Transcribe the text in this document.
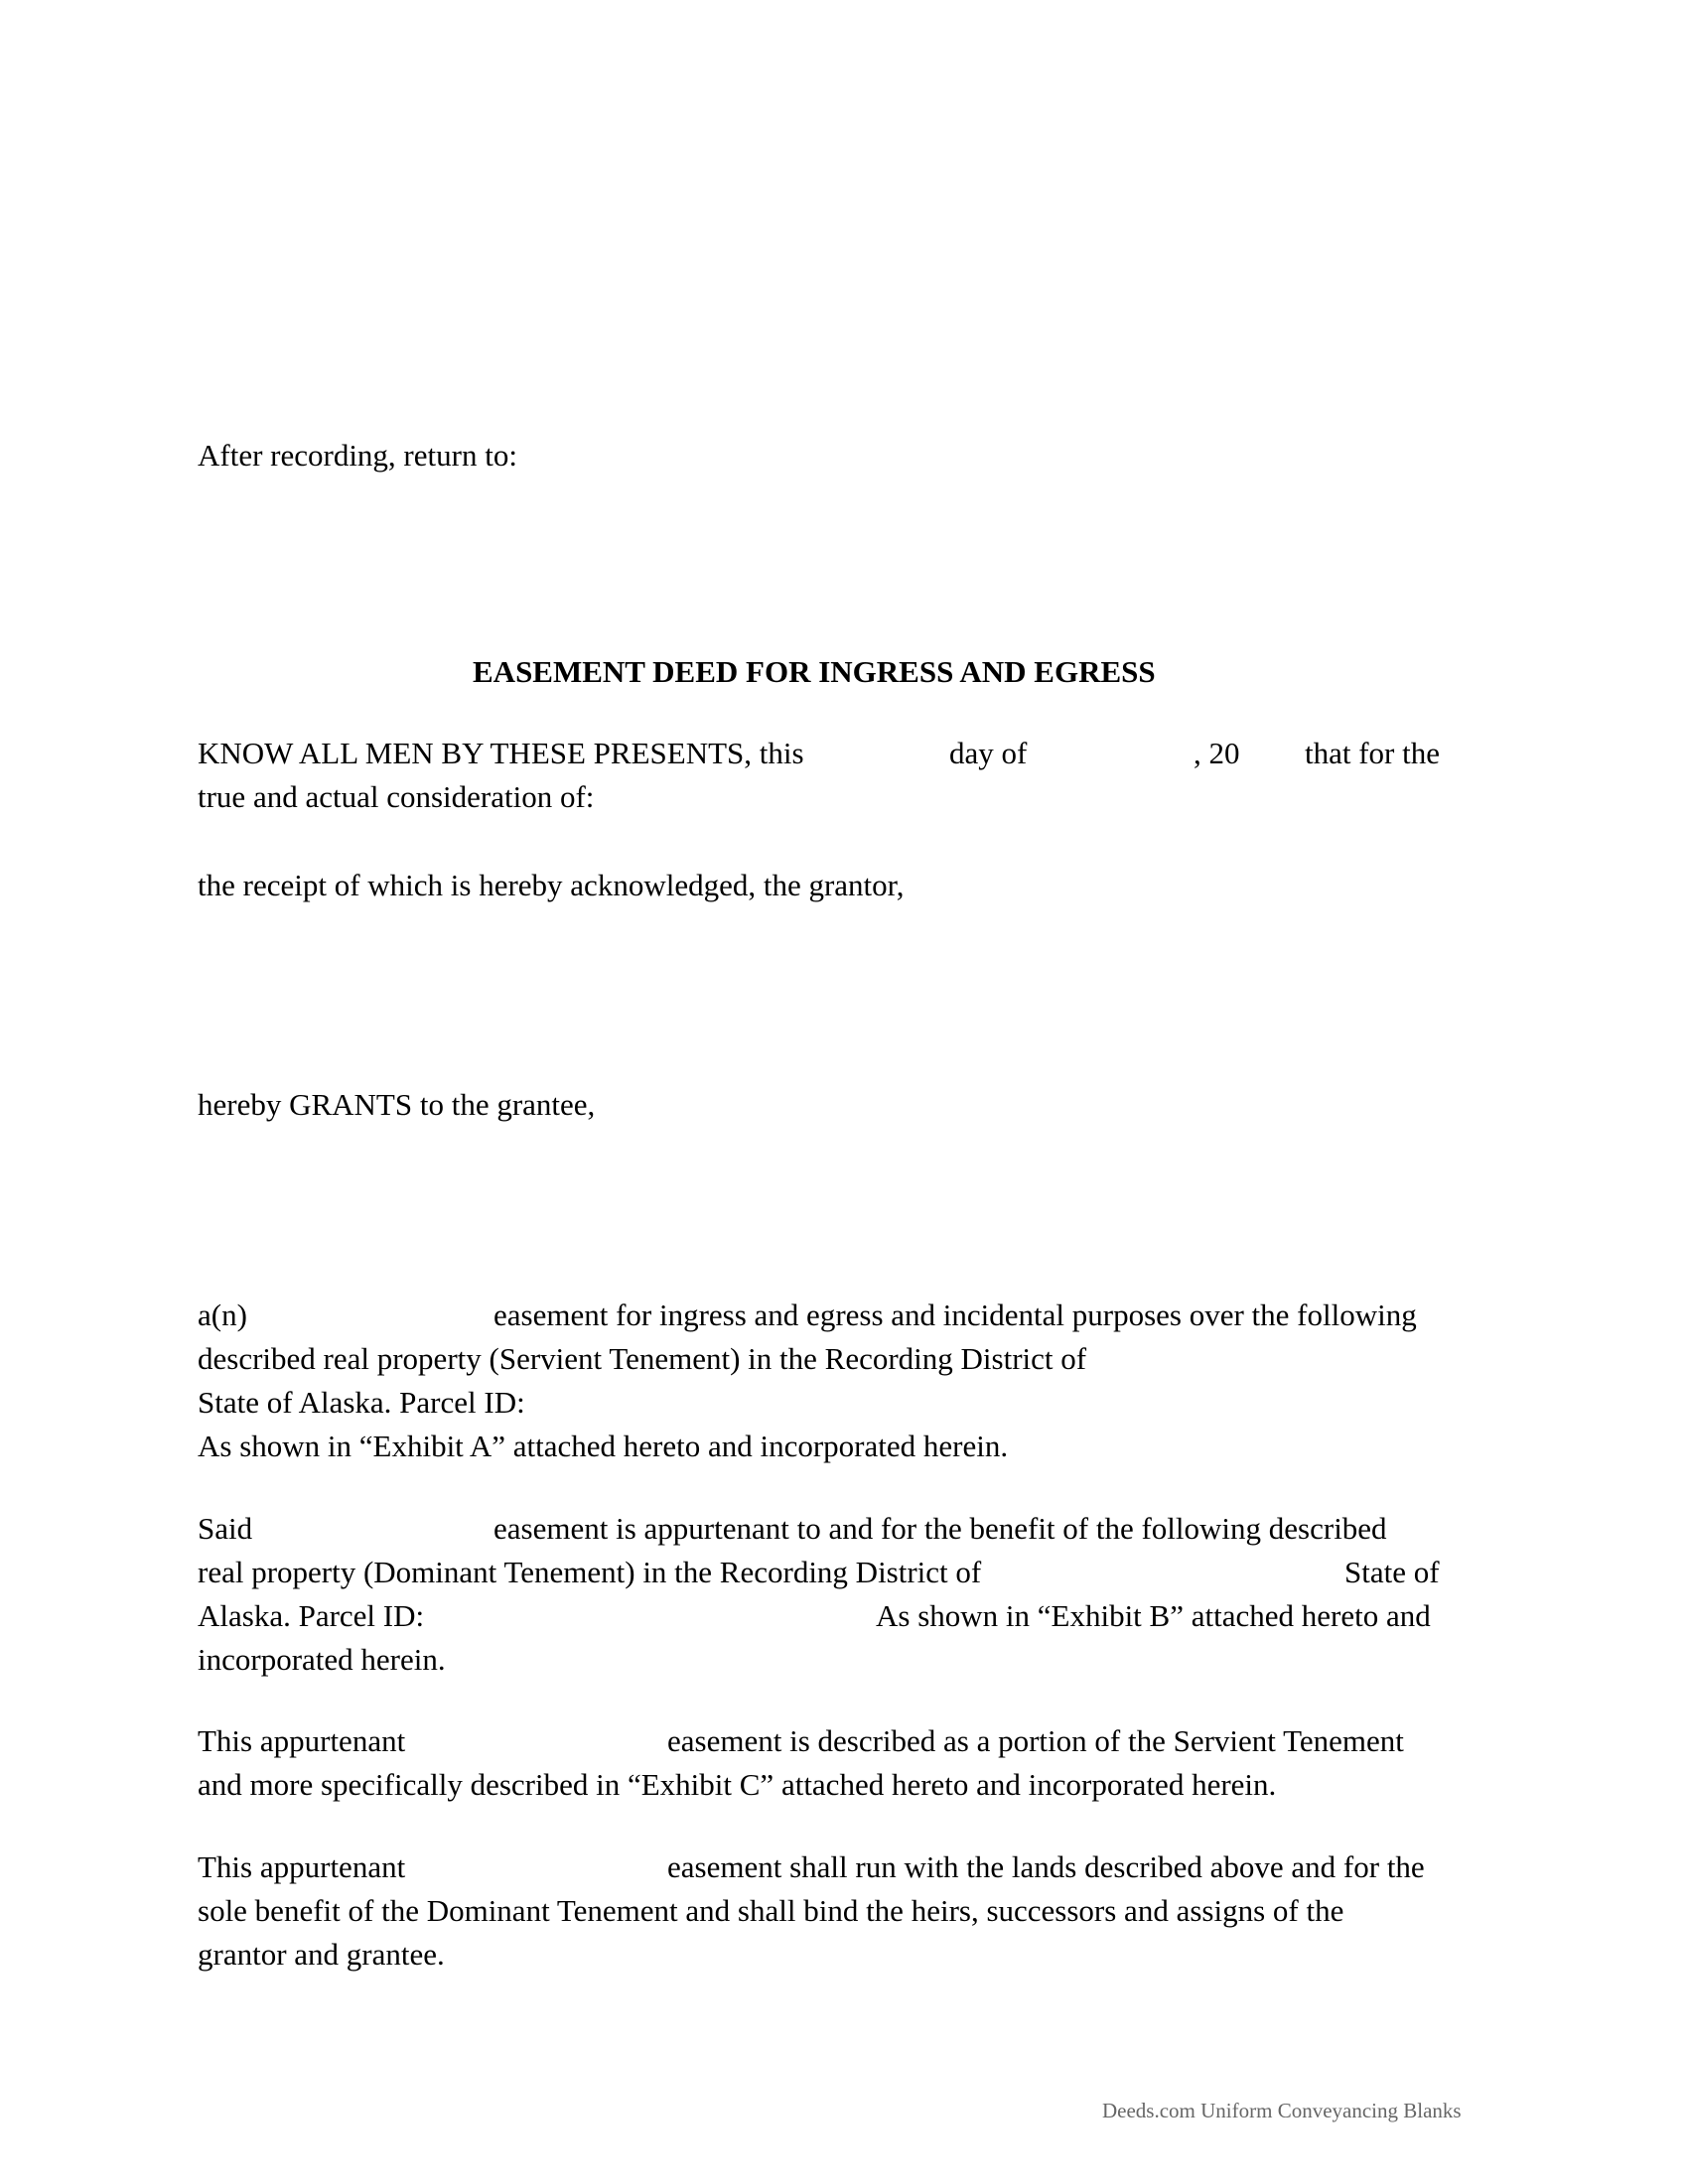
After recording, return to:
EASEMENT DEED FOR INGRESS AND EGRESS
KNOW ALL MEN BY THESE PRESENTS, this	day of	, 20 that for the
true and actual consideration of:
the receipt of which is hereby acknowledged, the grantor,
hereby GRANTS to the grantee,
a(n)	easement for ingress and egress and incidental purposes over the following
described real property (Servient Tenement) in the Recording District of
State of Alaska. Parcel ID:
As shown in “Exhibit A” attached hereto and incorporated herein.
Said	easement is appurtenant to and for the benefit of the following described
real property (Dominant Tenement) in the Recording District of	State of
Alaska. Parcel ID:	As shown in “Exhibit B” attached hereto and
incorporated herein.
This appurtenant	easement is described as a portion of the Servient Tenement
and more specifically described in “Exhibit C” attached hereto and incorporated herein.
This appurtenant	easement shall run with the lands described above and for the
sole benefit of the Dominant Tenement and shall bind the heirs, successors and assigns of the
grantor and grantee.
Deeds.com Uniform Conveyancing Blanks
